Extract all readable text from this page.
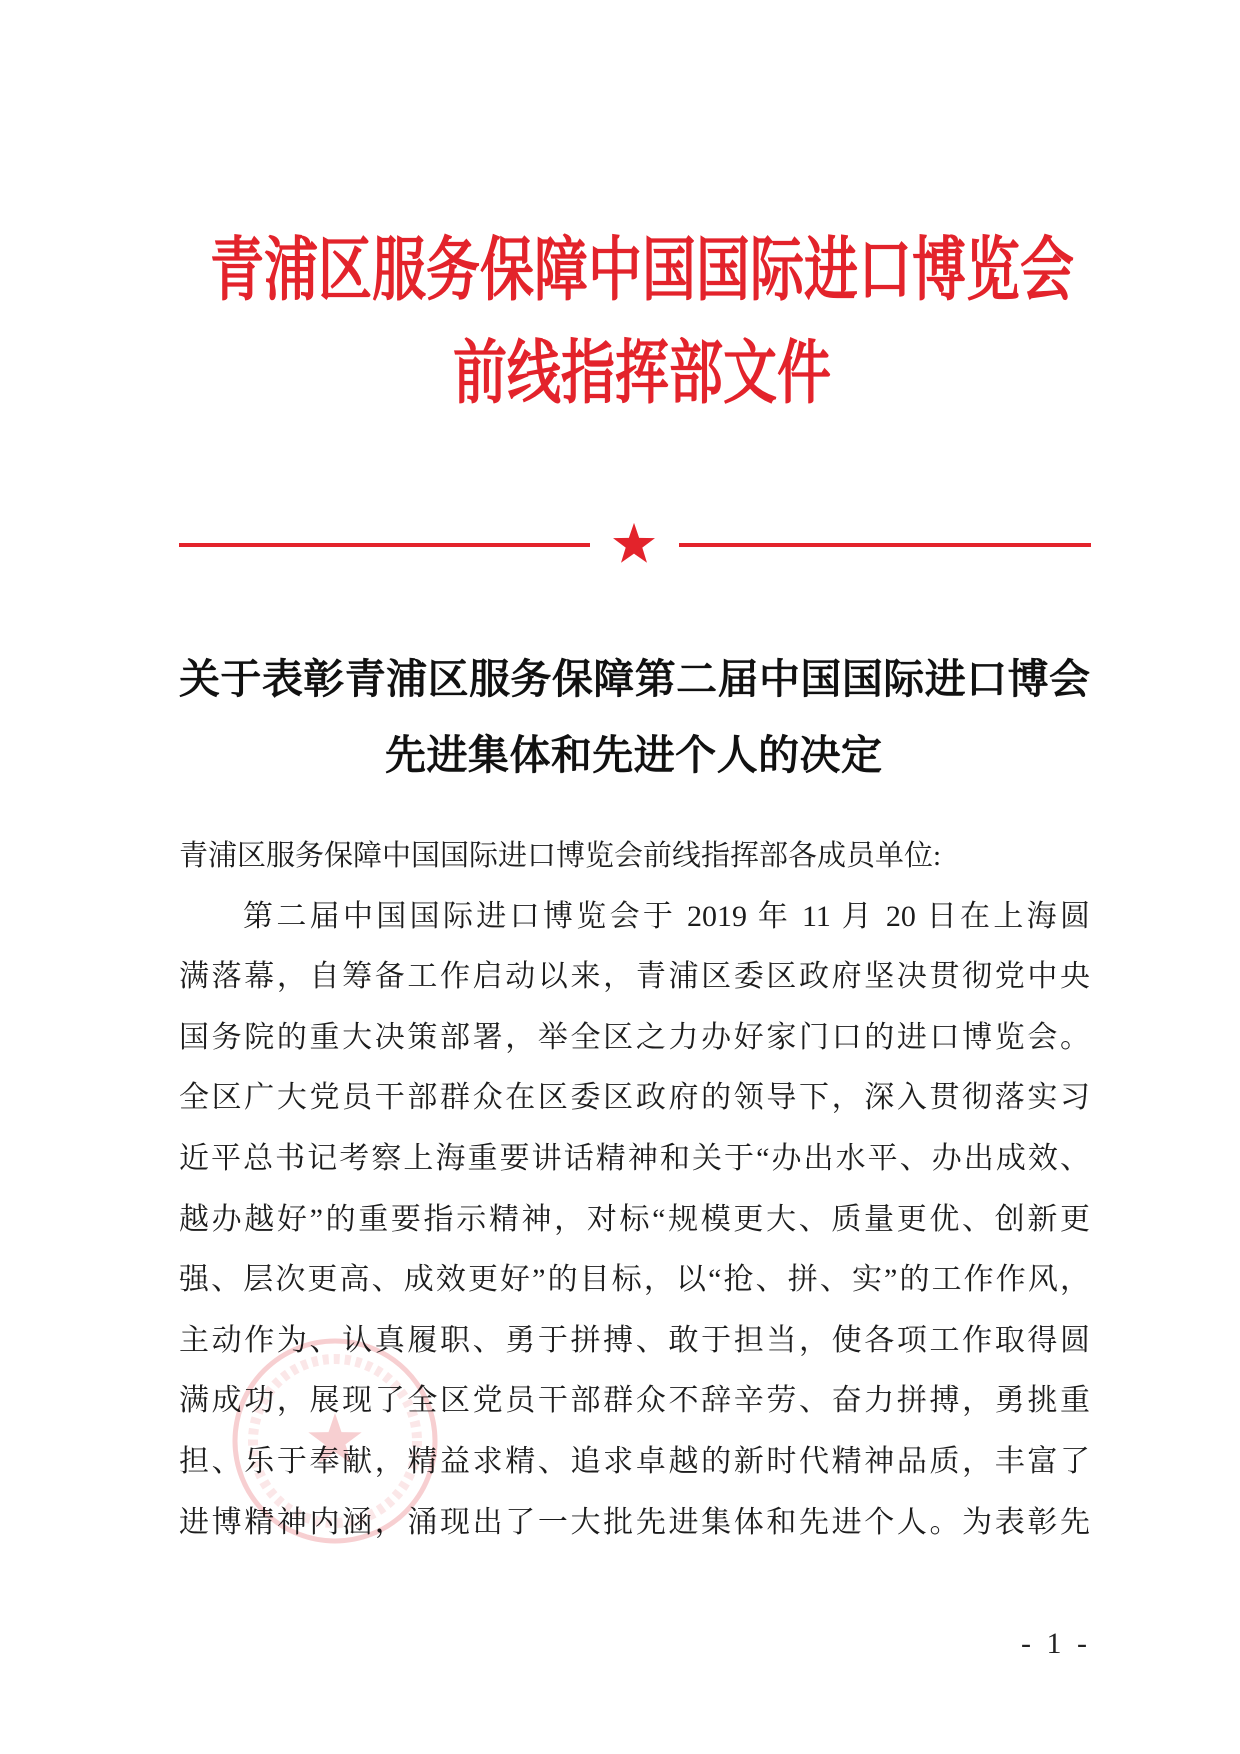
青浦区服务保障中国国际进口博览会
前线指挥部文件
关于表彰青浦区服务保障第二届中国国际进口博会
先进集体和先进个人的决定
青浦区服务保障中国国际进口博览会前线指挥部各成员单位:
第二届中国国际进口博览会于 2019 年 11 月 20 日在上海圆
满落幕，自筹备工作启动以来，青浦区委区政府坚决贯彻党中央
国务院的重大决策部署，举全区之力办好家门口的进口博览会。
全区广大党员干部群众在区委区政府的领导下，深入贯彻落实习
近平总书记考察上海重要讲话精神和关于“办出水平、办出成效、
越办越好”的重要指示精神，对标“规模更大、质量更优、创新更
强、层次更高、成效更好”的目标，以“抢、拼、实”的工作作风，
主动作为、认真履职、勇于拼搏、敢于担当，使各项工作取得圆
满成功，展现了全区党员干部群众不辞辛劳、奋力拼搏，勇挑重
担、乐于奉献，精益求精、追求卓越的新时代精神品质，丰富了
进博精神内涵，涌现出了一大批先进集体和先进个人。为表彰先
- 1 -
